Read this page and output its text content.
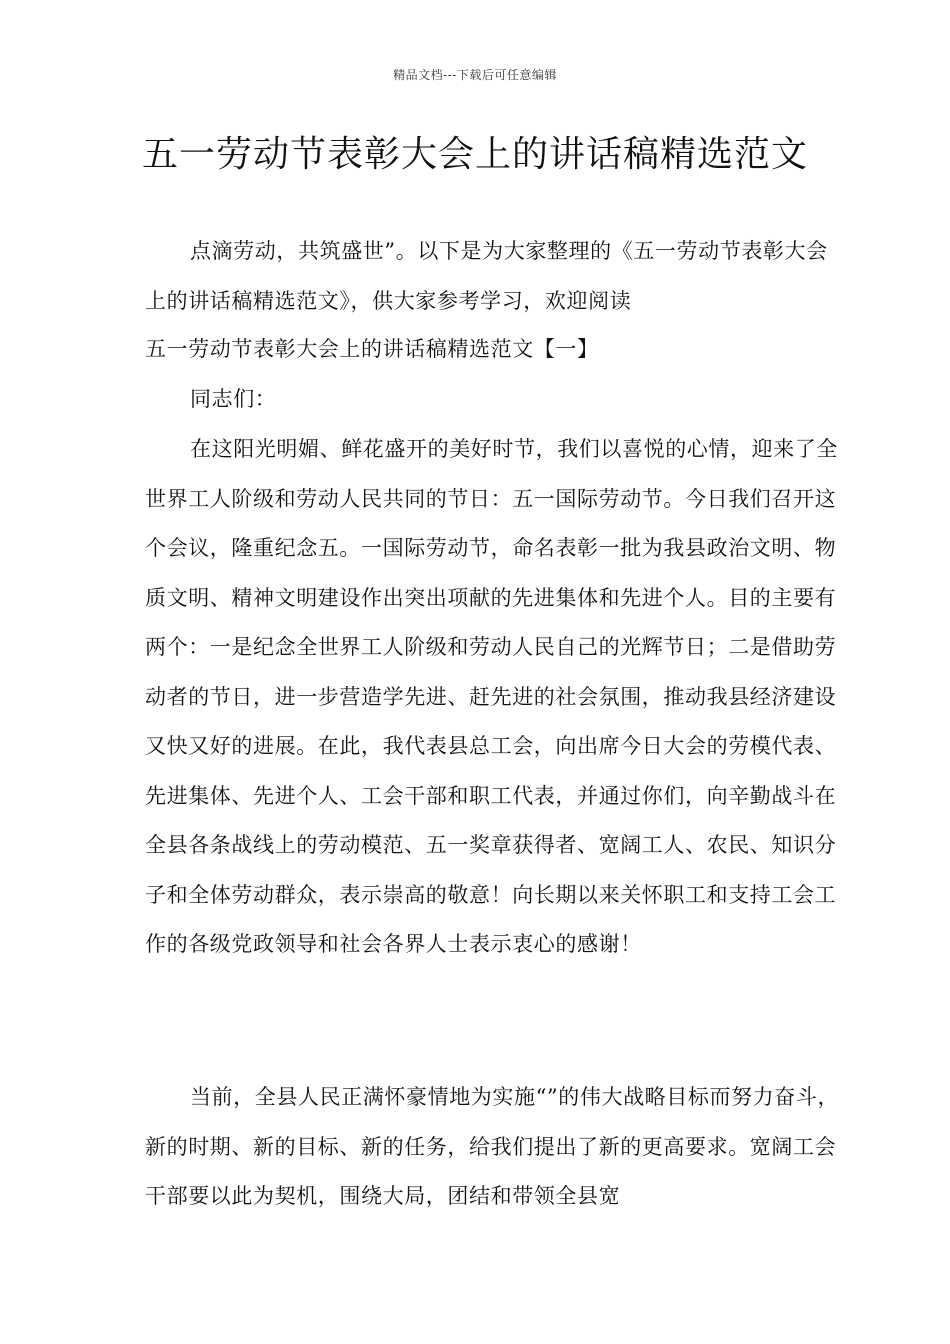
精品文档---下载后可任意编辑
五一劳动节表彰大会上的讲话稿精选范文

点滴劳动，共筑盛世”。以下是为大家整理的《五一劳动节表彰大会上的讲话稿精选范文》，供大家参考学习，欢迎阅读

五一劳动节表彰大会上的讲话稿精选范文【一】

同志们：

在这阳光明媚、鲜花盛开的美好时节，我们以喜悦的心情，迎来了全世界工人阶级和劳动人民共同的节日：五一国际劳动节。今日我们召开这个会议，隆重纪念五。一国际劳动节，命名表彰一批为我县政治文明、物质文明、精神文明建设作出突出项献的先进集体和先进个人。目的主要有两个：一是纪念全世界工人阶级和劳动人民自己的光辉节日；二是借助劳动者的节日，进一步营造学先进、赶先进的社会氛围，推动我县经济建设又快又好的进展。在此，我代表县总工会，向出席今日大会的劳模代表、先进集体、先进个人、工会干部和职工代表，并通过你们，向辛勤战斗在全县各条战线上的劳动模范、五一奖章获得者、宽阔工人、农民、知识分子和全体劳动群众，表示崇高的敬意！向长期以来关怀职工和支持工会工作的各级党政领导和社会各界人士表示衷心的感谢！

当前，全县人民正满怀豪情地为实施“”的伟大战略目标而努力奋斗，新的时期、新的目标、新的任务，给我们提出了新的更高要求。宽阔工会干部要以此为契机，围绕大局，团结和带领全县宽
